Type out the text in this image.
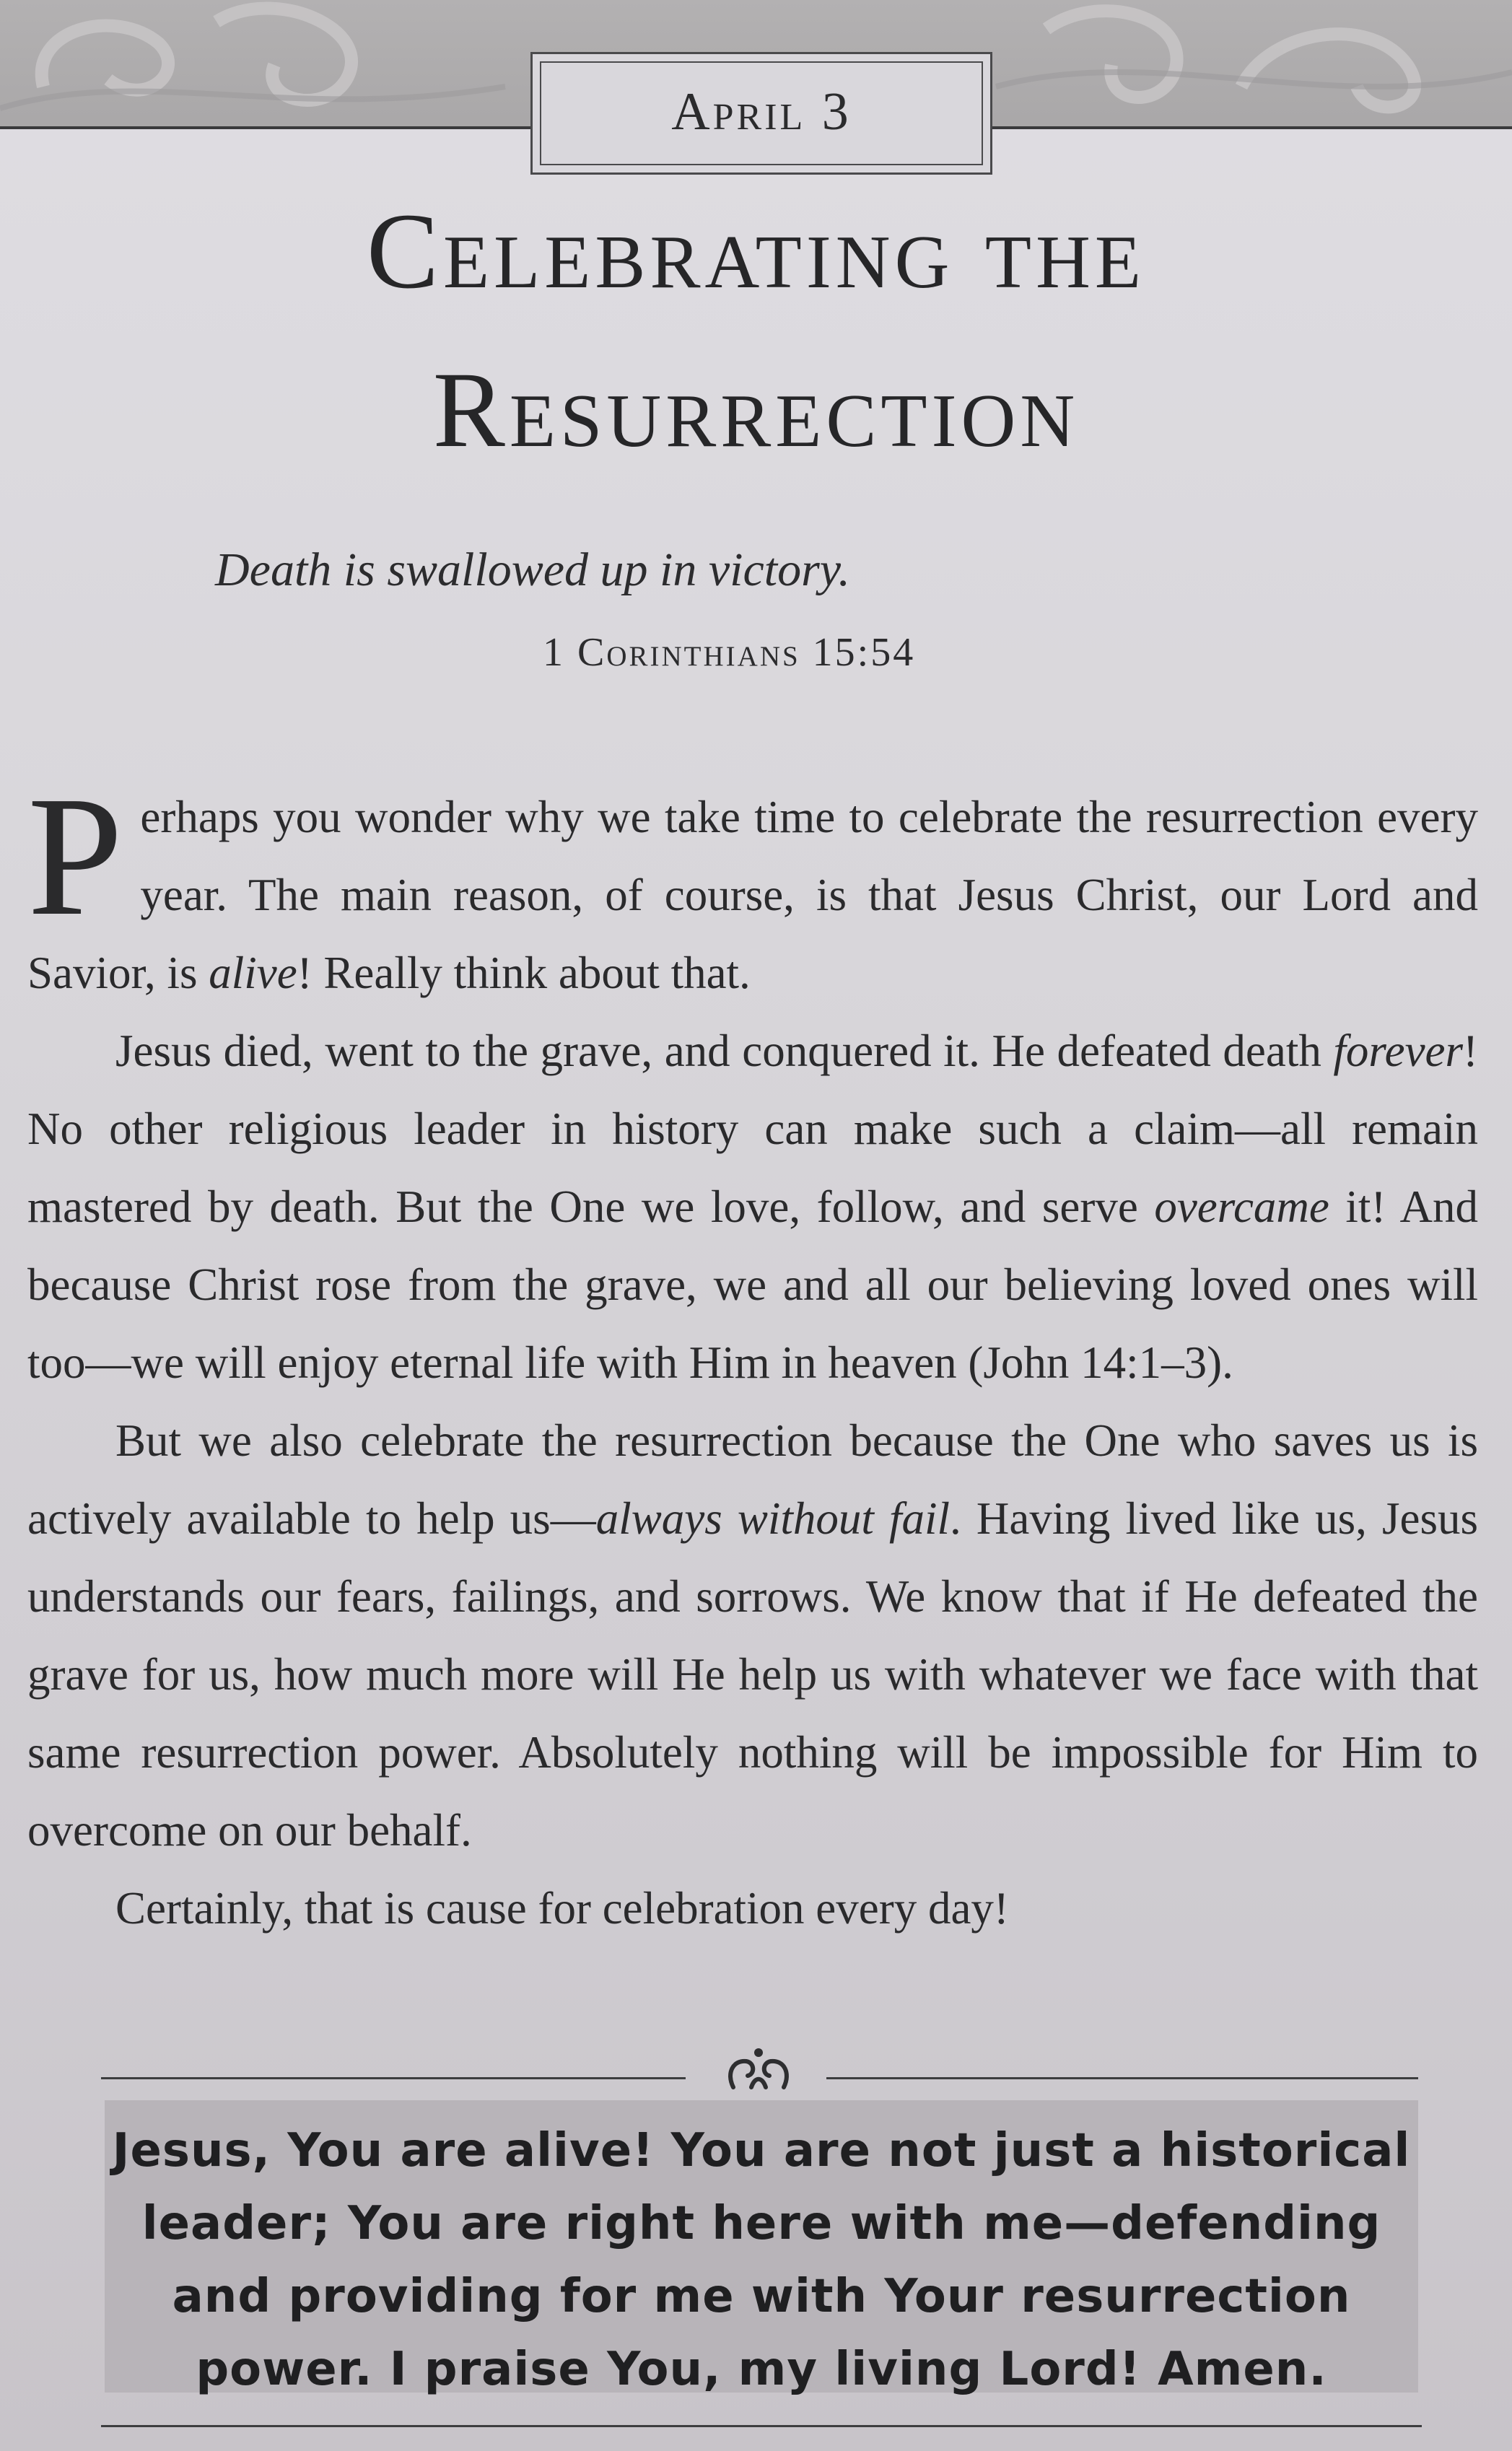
April 3
Celebrating the
Resurrection
Death is swallowed up in victory.
1 Corinthians 15:54

Perhaps you wonder why we take time to celebrate the resurrection every year. The main reason, of course, is that Jesus Christ, our Lord and Savior, is alive! Really think about that.

Jesus died, went to the grave, and conquered it. He defeated death forever! No other religious leader in history can make such a claim—all remain mastered by death. But the One we love, follow, and serve overcame it! And because Christ rose from the grave, we and all our believing loved ones will too—we will enjoy eternal life with Him in heaven (John 14:1–3).

But we also celebrate the resurrection because the One who saves us is actively available to help us—always without fail. Having lived like us, Jesus understands our fears, failings, and sorrows. We know that if He defeated the grave for us, how much more will He help us with whatever we face with that same resurrection power. Absolutely nothing will be impossible for Him to overcome on our behalf.

Certainly, that is cause for celebration every day!

Jesus, You are alive! You are not just a historical
leader; You are right here with me—defending
and providing for me with Your resurrection
power. I praise You, my living Lord! Amen.
